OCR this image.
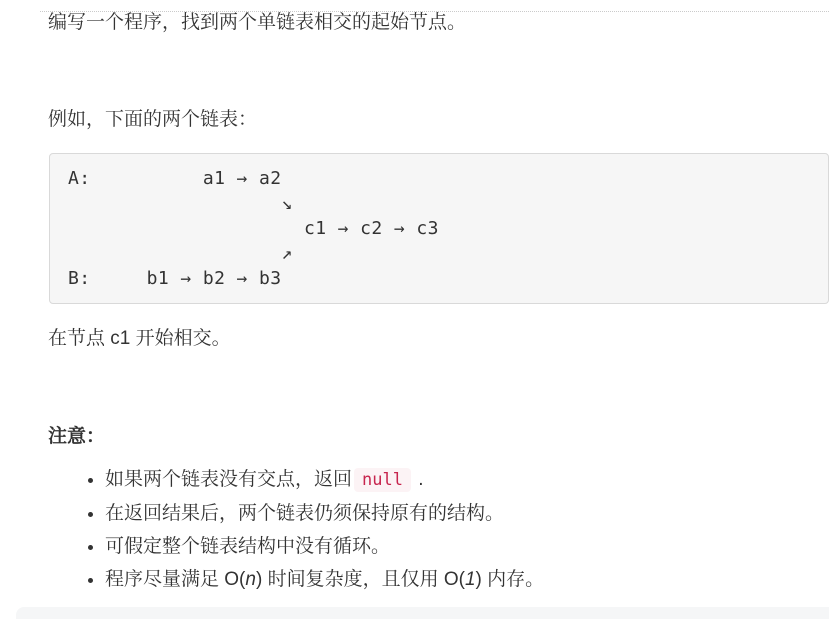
编写一个程序，找到两个单链表相交的起始节点。

例如，下面的两个链表：

A:          a1 → a2
↘
c1 → c2 → c3
↗
B:     b1 → b2 → b3

在节点 c1 开始相交。

注意：

• 如果两个链表没有交点，返回 null .
• 在返回结果后，两个链表仍须保持原有的结构。
• 可假定整个链表结构中没有循环。
• 程序尽量满足 O(n) 时间复杂度，且仅用 O(1) 内存。
